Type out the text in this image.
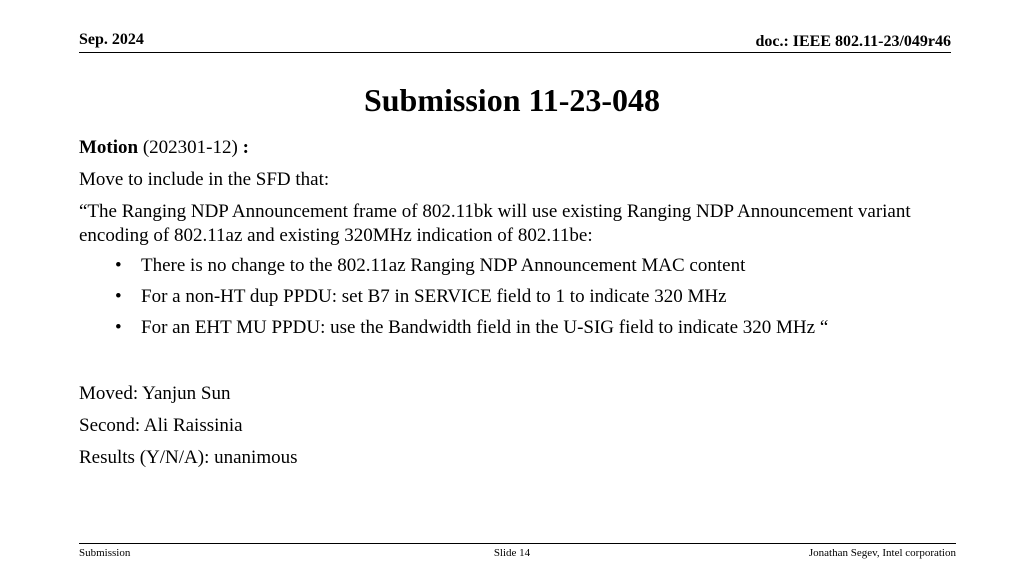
Sep. 2024	doc.: IEEE 802.11-23/049r46
Submission 11-23-048

Motion (202301-12) :

Move to include in the SFD that:

“The Ranging NDP Announcement frame of 802.11bk will use existing Ranging NDP Announcement variant encoding of 802.11az and existing 320MHz indication of 802.11be:

• There is no change to the 802.11az Ranging NDP Announcement MAC content
• For a non-HT dup PPDU: set B7 in SERVICE field to 1 to indicate 320 MHz
• For an EHT MU PPDU: use the Bandwidth field in the U-SIG field to indicate 320 MHz “

Moved: Yanjun Sun

Second: Ali Raissinia

Results (Y/N/A): unanimous

Submission	Slide 14	Jonathan Segev, Intel corporation
